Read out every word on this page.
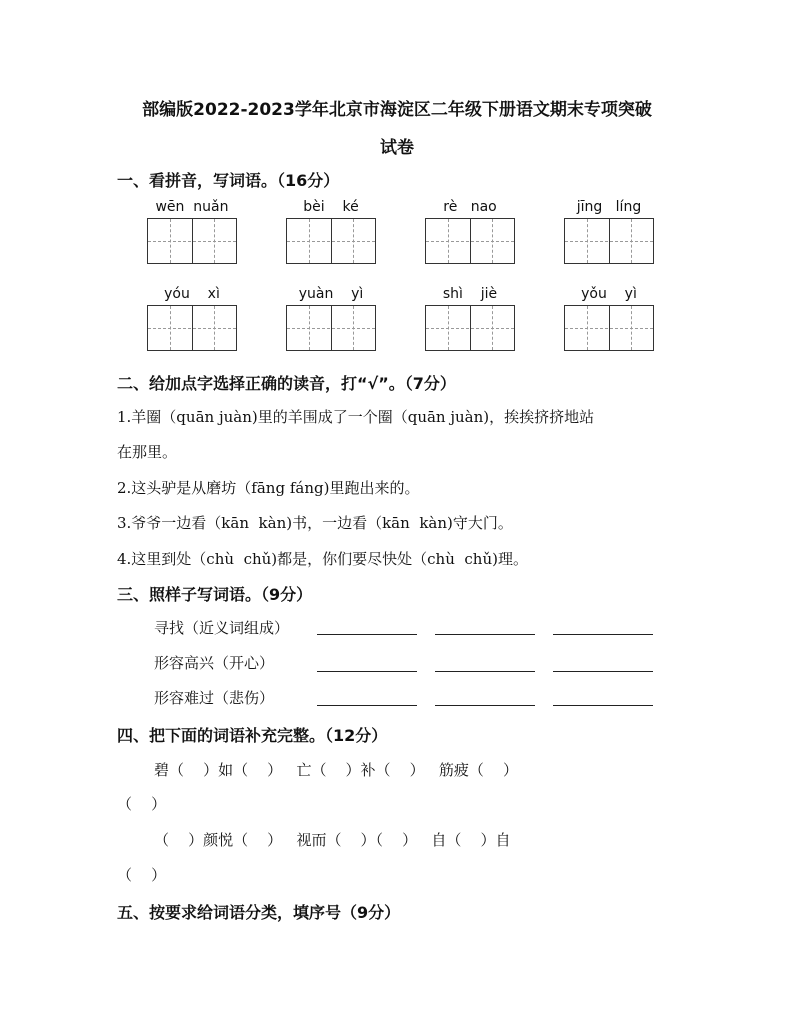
部编版2022-2023学年北京市海淀区二年级下册语文期末专项突破
试卷
一、看拼音，写词语。（16分）
wēn  nuǎn	bèi    ké	rè   nao	jīng   líng
yóu    xì	yuàn    yì	shì    jiè	yǒu    yì
二、给加点字选择正确的读音，打“√”。（7分）
1.羊圈（quān juàn)里的羊围成了一个圈（quān juàn)，挨挨挤挤地站
在那里。
2.这头驴是从磨坊（fāng fáng)里跑出来的。
3.爷爷一边看（kān  kàn)书，一边看（kān  kàn)守大门。
4.这里到处（chù  chǔ)都是，你们要尽快处（chù  chǔ)理。
三、照样子写词语。（9分）
寻找（近义词组成）
形容高兴（开心）
形容难过（悲伤）
四、把下面的词语补充完整。（12分）
碧（    ）如（    ）   亡（    ）补（    ）   筋疲（    ）
（    ）
（    ）颜悦（    ）   视而（    ）（    ）   自（    ）自
（    ）
五、按要求给词语分类，填序号（9分）
